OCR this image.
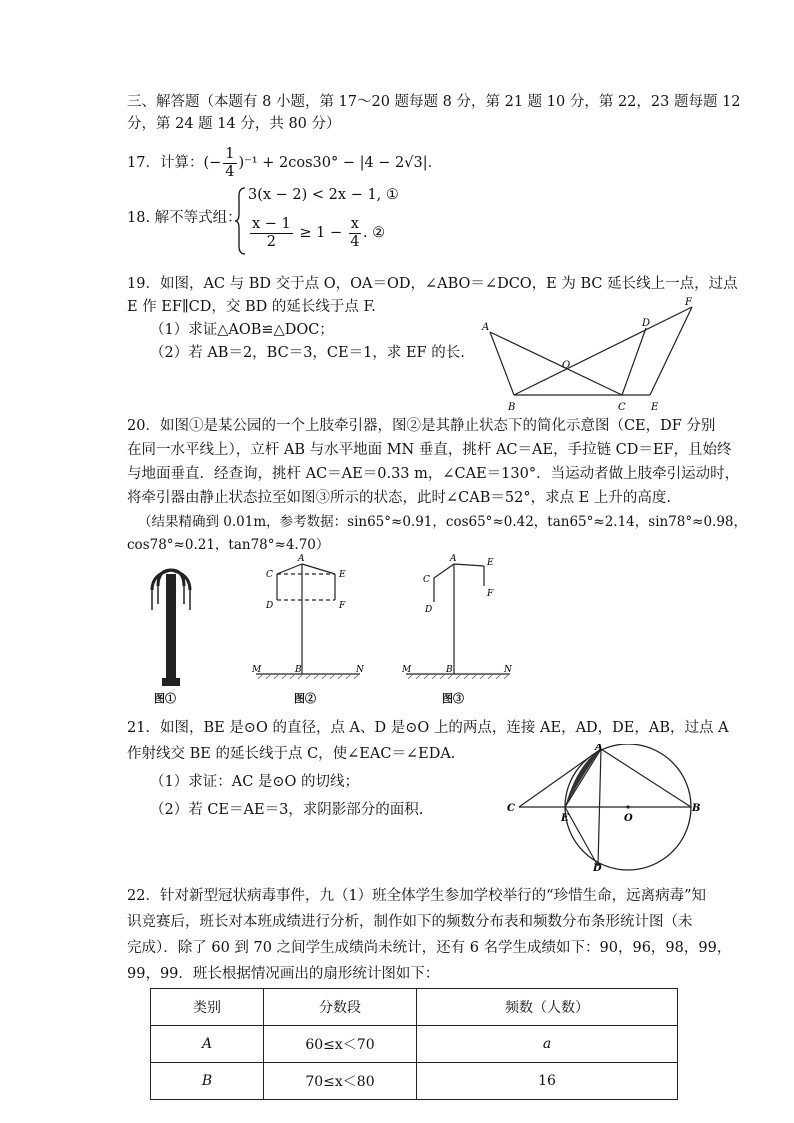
三、解答题（本题有 8 小题，第 17～20 题每题 8 分，第 21 题 10 分，第 22，23 题每题 12
分，第 24 题 14 分，共 80 分）
17．计算：(− $\frac{1}{4} )^{-1} + 2\cos 30^\circ - |4 - 2√3|$．
18. 解不等式组：
3(x − 2) < 2x − 1, ①
$\frac{x - 1}{2} \ge 1 - \frac{x}{4}$ . ②
19．如图，AC 与 BD 交于点 O，OA＝OD，∠ABO＝∠DCO，E 为 BC 延长线上一点，过点
E 作 EF∥CD，交 BD 的延长线于点 F.
（1）求证△AOB≌△DOC；
（2）若 AB＝2，BC＝3，CE＝1，求 EF 的长.
A
B	C
D
E
F
O
20．如图①是某公园的一个上肢牵引器，图②是其静止状态下的简化示意图（CE，DF 分别
在同一水平线上），立杆 AB 与水平地面 MN 垂直，挑杆 AC＝AE，手拉链 CD＝EF，且始终
与地面垂直．经查询，挑杆 AC＝AE＝0.33 m，∠CAE＝130°．当运动者做上肢牵引运动时，
将牵引器由静止状态拉至如图③所示的状态，此时∠CAB＝52°，求点 E 上升的高度.
（结果精确到 0.01m，参考数据：sin65°≈0.91，cos65°≈0.42，tan65°≈2.14，sin78°≈0.98，
cos78°≈0.21，tan78°≈4.70）
图①
A
C	E
D	F
M	B	N
图②
A
C
E
D
F
M	B	N
图③
21．如图，BE 是⊙O 的直径，点 A、D 是⊙O 上的两点，连接 AE，AD，DE，AB，过点 A
作射线交 BE 的延长线于点 C，使∠EAC＝∠EDA.
（1）求证：AC 是⊙O 的切线；
（2）若 CE＝AE＝3，求阴影部分的面积.
A
C
E	O
B
D
22．针对新型冠状病毒事件，九（1）班全体学生参加学校举行的“珍惜生命，远离病毒”知
识竞赛后，班长对本班成绩进行分析，制作如下的频数分布表和频数分布条形统计图（未
完成）．除了 60 到 70 之间学生成绩尚未统计，还有 6 名学生成绩如下：90，96，98，99，
99，99．班长根据情况画出的扇形统计图如下：
类别	分数段	频数（人数）
A	60≤x＜70	a
B	70≤x＜80	16
